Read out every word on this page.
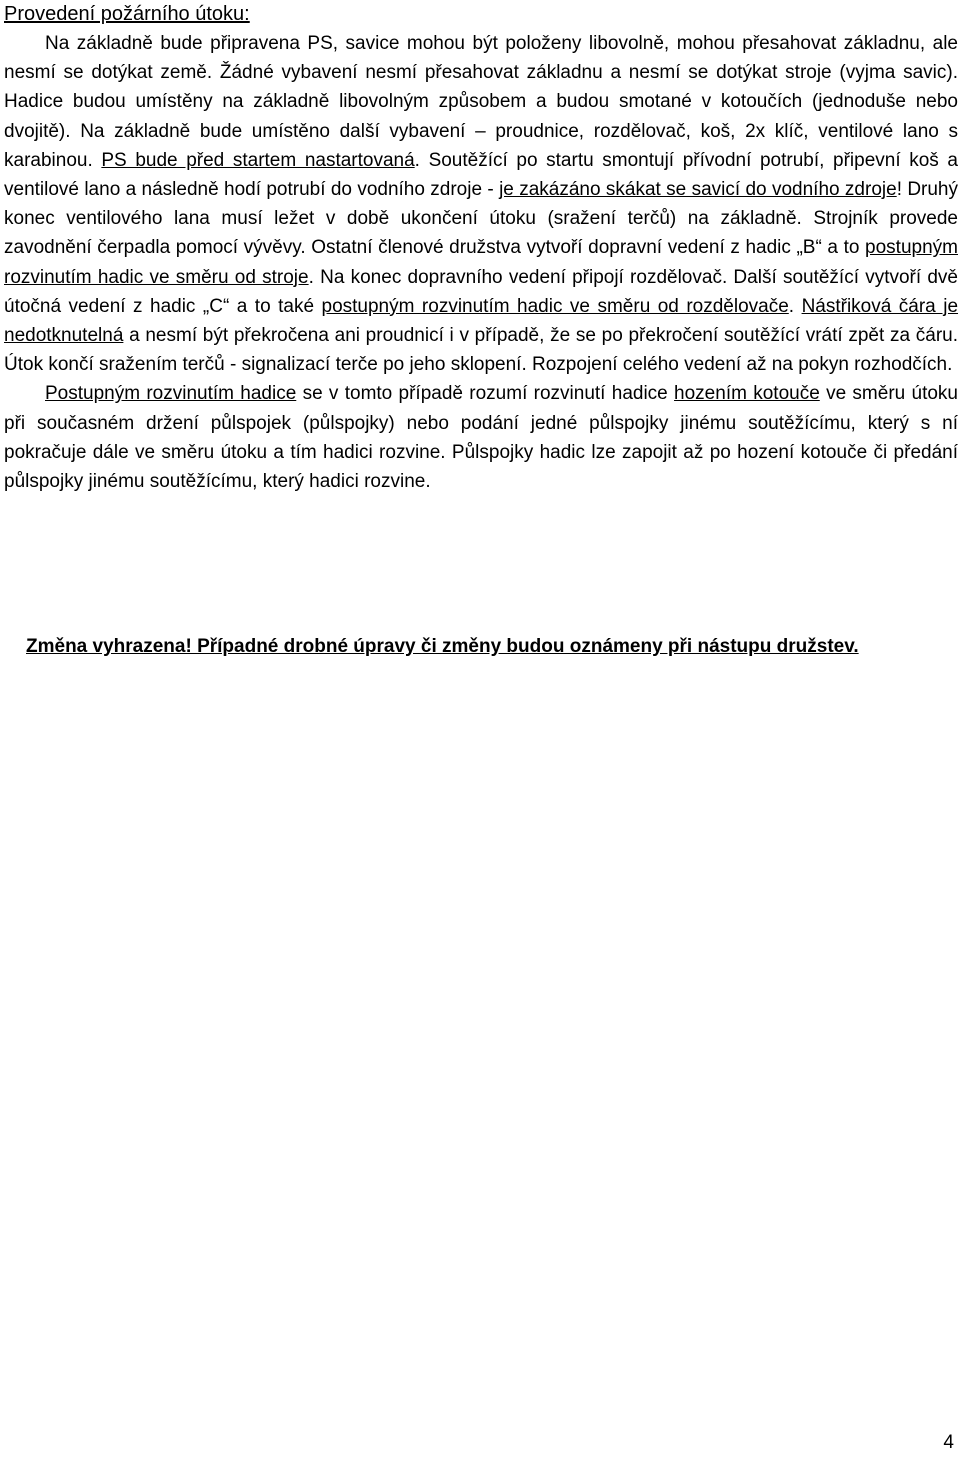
Provedení požárního útoku:

Na základně bude připravena PS, savice mohou být položeny libovolně, mohou přesahovat základnu, ale nesmí se dotýkat země. Žádné vybavení nesmí přesahovat základnu a nesmí se dotýkat stroje (vyjma savic). Hadice budou umístěny na základně libovolným způsobem a budou smotané v kotoučích (jednoduše nebo dvojitě). Na základně bude umístěno další vybavení – proudnice, rozdělovač, koš, 2x klíč, ventilové lano s karabinou. PS bude před startem nastartovaná. Soutěžící po startu smontují přívodní potrubí, připevní koš a ventilové lano a následně hodí potrubí do vodního zdroje - je zakázáno skákat se savicí do vodního zdroje! Druhý konec ventilového lana musí ležet v době ukončení útoku (sražení terčů) na základně. Strojník provede zavodnění čerpadla pomocí vývěvy. Ostatní členové družstva vytvoří dopravní vedení z hadic „B“ a to postupným rozvinutím hadic ve směru od stroje. Na konec dopravního vedení připojí rozdělovač. Další soutěžící vytvoří dvě útočná vedení z hadic „C“ a to také postupným rozvinutím hadic ve směru od rozdělovače. Nástřiková čára je nedotknutelná a nesmí být překročena ani proudnicí i v případě, že se po překročení soutěžící vrátí zpět za čáru. Útok končí sražením terčů - signalizací terče po jeho sklopení. Rozpojení celého vedení až na pokyn rozhodčích.

Postupným rozvinutím hadice se v tomto případě rozumí rozvinutí hadice hozením kotouče ve směru útoku při současném držení půlspojek (půlspojky) nebo podání jedné půlspojky jinému soutěžícímu, který s ní pokračuje dále ve směru útoku a tím hadici rozvine. Půlspojky hadic lze zapojit až po hození kotouče či předání půlspojky jinému soutěžícímu, který hadici rozvine.

Změna vyhrazena! Případné drobné úpravy či změny budou oznámeny při nástupu družstev.

4
